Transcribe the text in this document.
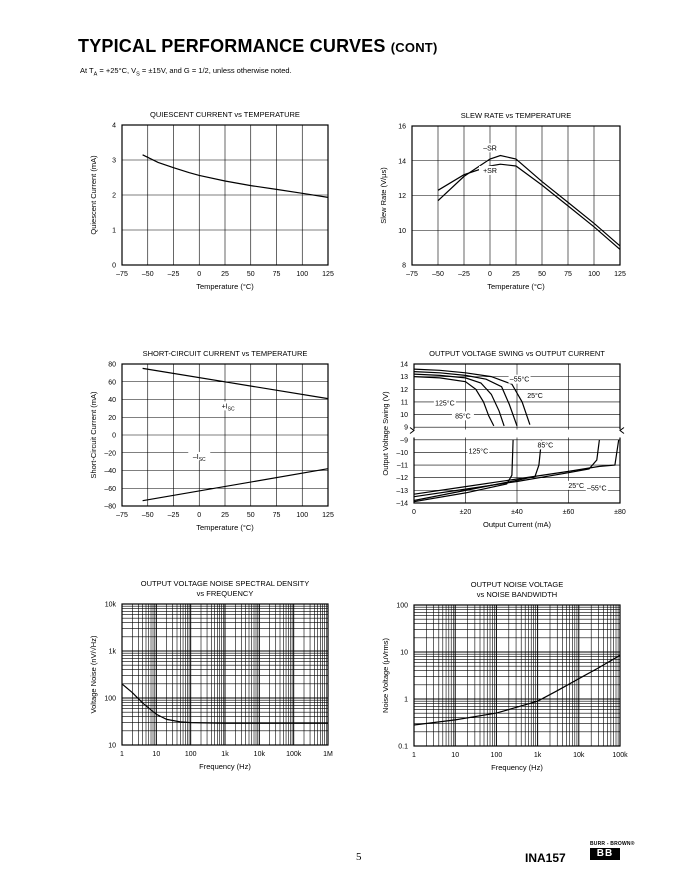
TYPICAL PERFORMANCE CURVES (CONT)
At $T_A = +25^\circ C$, $V_S = \pm 15V$, and G = 1/2, unless otherwise noted.
QUIESCENT CURRENT vs TEMPERATURE
–75 –50 –25	0	25	50	75 100 125
0
1
2
3
4
Temperature (°C)
Quiescent Current (mA)
SLEW RATE vs TEMPERATURE
–75 –50 –25	0	25	50	75 100 125
8
10
12
14
16
Temperature (°C)
Slew Rate (V/μs)
–SR
+SR
SHORT-CIRCUIT CURRENT vs TEMPERATURE
–75 –50 –25	0	25	50	75 100 125
–80
–60
–40
–20
0
20
40
60
80
Temperature (°C)
Short-Circuit Current (mA)	$+I_{SC}$
$-I_{SC}$
OUTPUT VOLTAGE SWING vs OUTPUT CURRENT
0	±20	±40	±60	±80
–14
–13
–12
–11
–10
–9
9
10
11
12
13
14
Output Current (mA)
Output Voltage Swing (V)
–55°C
25°C
125°C
85°C
125°C
85°C
25°C –55°C
OUTPUT VOLTAGE NOISE SPECTRAL DENSITY
vs FREQUENCY
1	10	100	1k	10k	100k	1M
10
100
1k
10k
Frequency (Hz)
Voltage Noise (nV/√Hz)
OUTPUT NOISE VOLTAGE
vs NOISE BANDWIDTH
1	10	100	1k	10k	100k
0.1
1
10
100
Frequency (Hz)
Noise Voltage (μVrms)
5	INA157
BURR - BROWN®
BB
